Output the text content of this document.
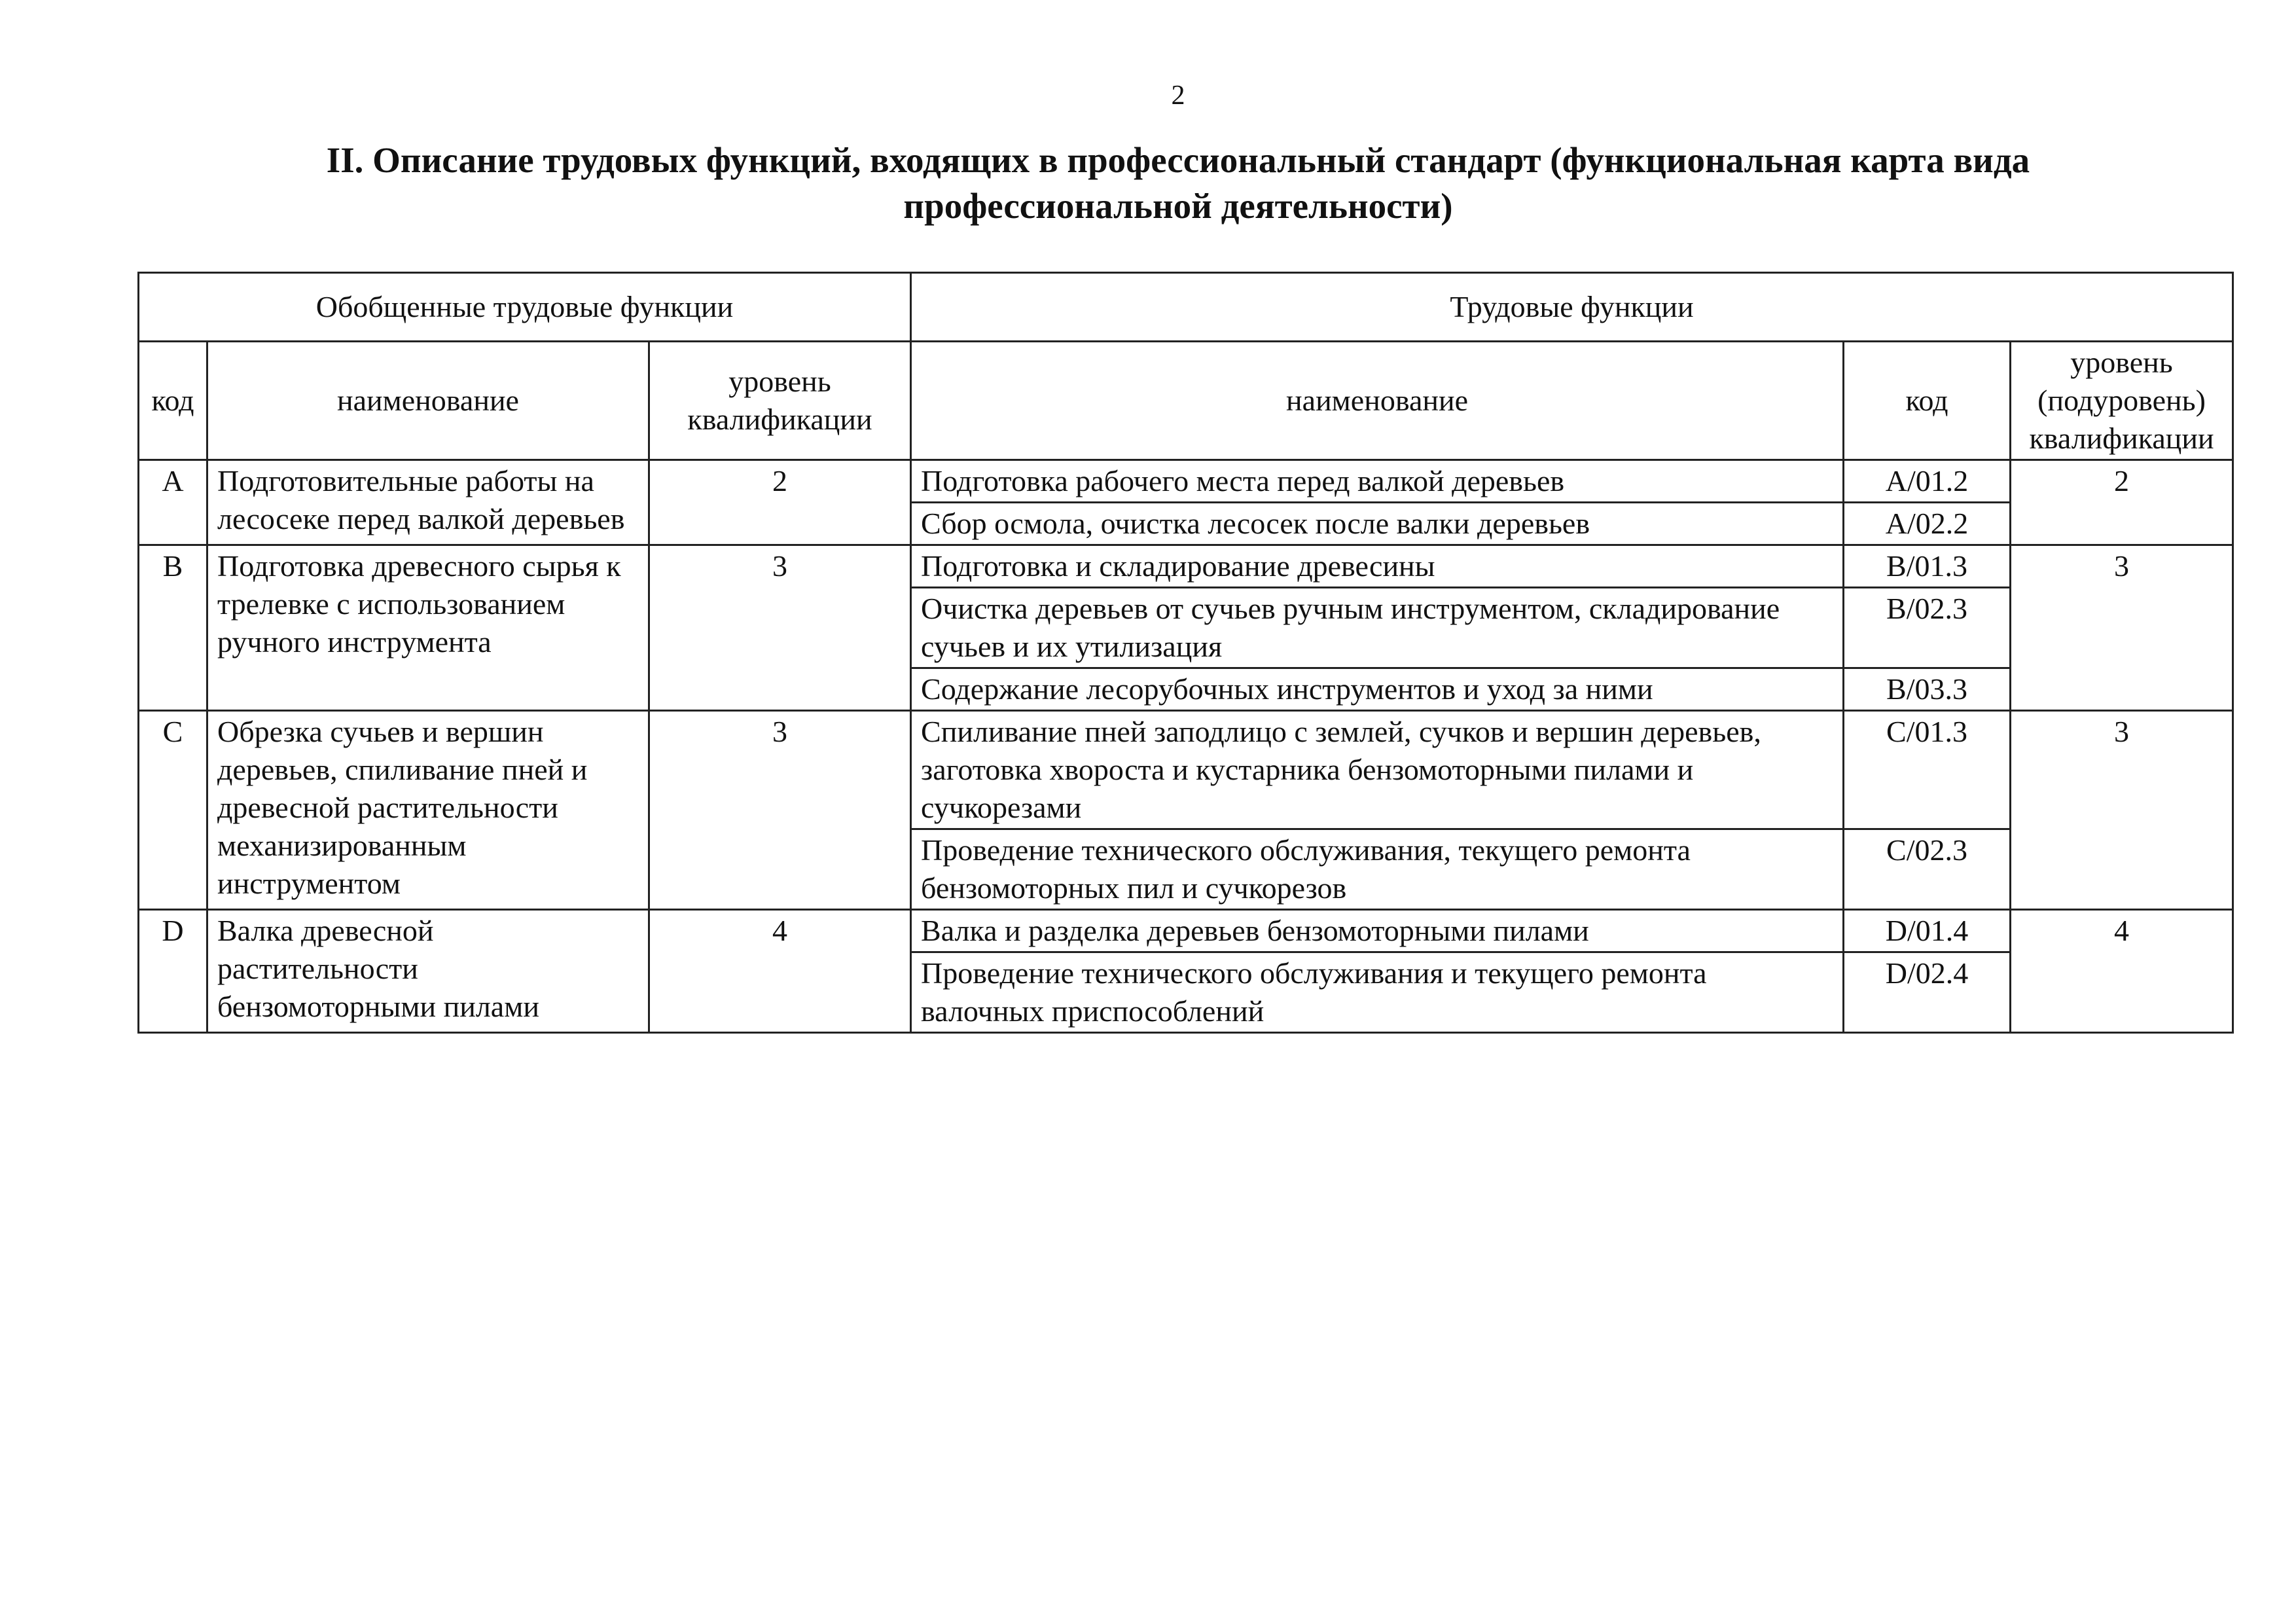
2
II. Описание трудовых функций, входящих в профессиональный стандарт (функциональная карта вида
профессиональной деятельности)
Обобщенные трудовые функции			Трудовые функции		
код	наименование	уровень квалификации	наименование	код	уровень (подуровень) квалификации
A	Подготовительные работы на лесосеке перед валкой деревьев	2	Подготовка рабочего места перед валкой деревьев	A/01.2	2
			Сбор осмола, очистка лесосек после валки деревьев	A/02.2	
B	Подготовка древесного сырья к трелевке с использованием ручного инструмента	3	Подготовка и складирование древесины	B/01.3	3
			Очистка деревьев от сучьев ручным инструментом, складирование сучьев и их утилизация	B/02.3	
			Содержание лесорубочных инструментов и уход за ними	B/03.3	
C	Обрезка сучьев и вершин деревьев, спиливание пней и древесной растительности механизированным инструментом	3	Спиливание пней заподлицо с землей, сучков и вершин деревьев, заготовка хвороста и кустарника бензомоторными пилами и сучкорезами	C/01.3	3
			Проведение технического обслуживания, текущего ремонта бензомоторных пил и сучкорезов	C/02.3	
D	Валка древесной растительности бензомоторными пилами	4	Валка и разделка деревьев бензомоторными пилами	D/01.4	4
			Проведение технического обслуживания и текущего ремонта валочных приспособлений	D/02.4	
